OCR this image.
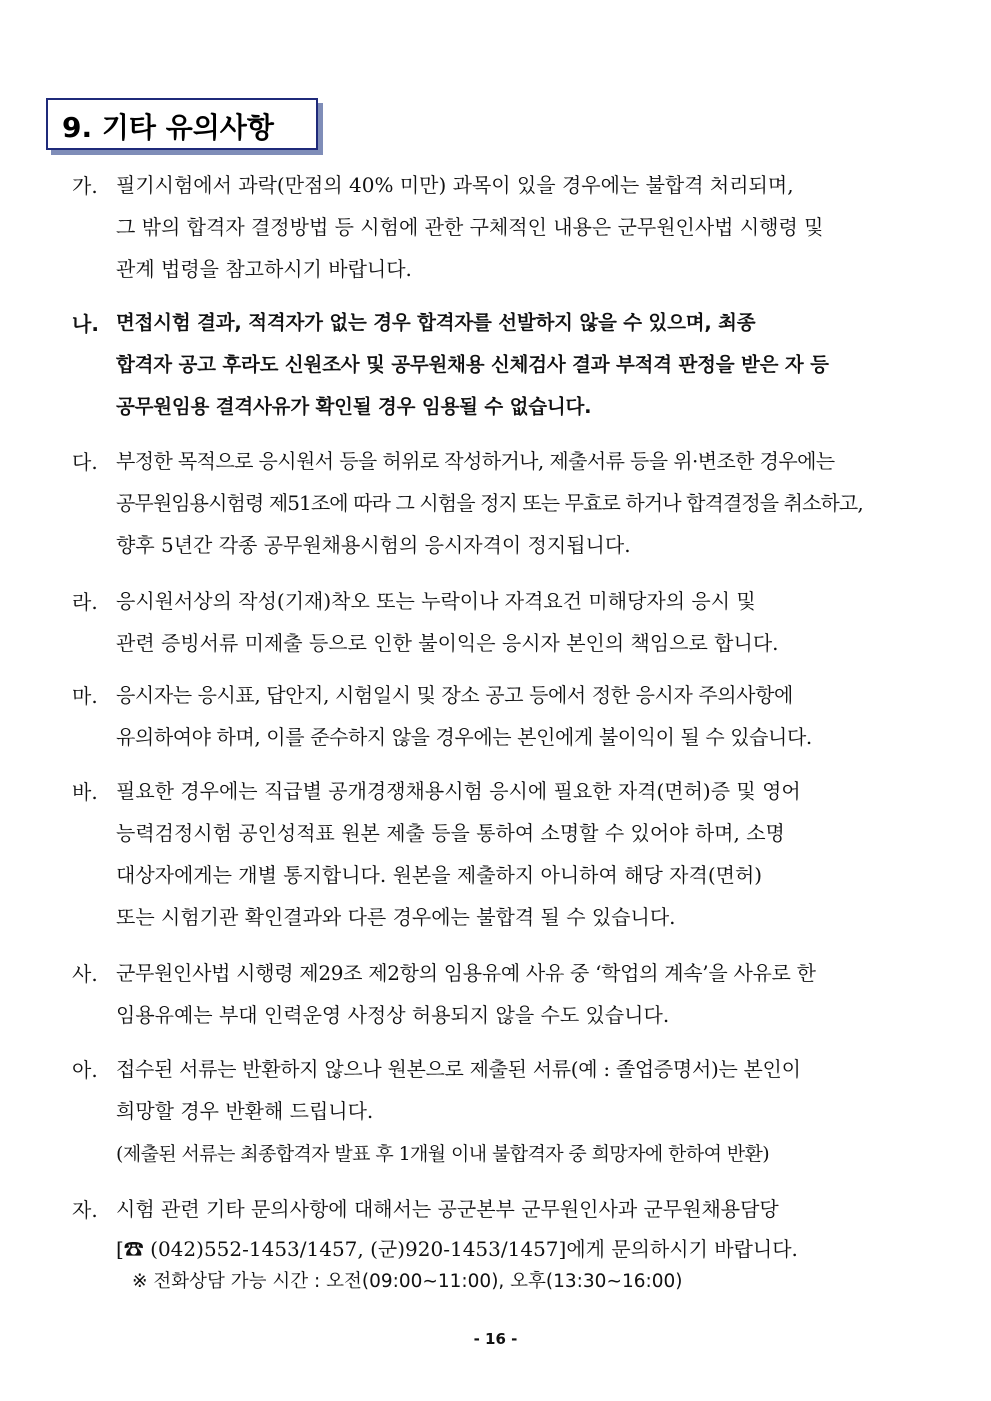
9. 기타 유의사항
가. 필기시험에서 과락(만점의 40% 미만) 과목이 있을 경우에는 불합격 처리되며,
그 밖의 합격자 결정방법 등 시험에 관한 구체적인 내용은 군무원인사법 시행령 및
관계 법령을 참고하시기 바랍니다.
나. 면접시험 결과, 적격자가 없는 경우 합격자를 선발하지 않을 수 있으며, 최종
합격자 공고 후라도 신원조사 및 공무원채용 신체검사 결과 부적격 판정을 받은 자 등
공무원임용 결격사유가 확인될 경우 임용될 수 없습니다.
다. 부정한 목적으로 응시원서 등을 허위로 작성하거나, 제출서류 등을 위·변조한 경우에는
공무원임용시험령 제51조에 따라 그 시험을 정지 또는 무효로 하거나 합격결정을 취소하고,
향후 5년간 각종 공무원채용시험의 응시자격이 정지됩니다.
라. 응시원서상의 작성(기재)착오 또는 누락이나 자격요건 미해당자의 응시 및
관련 증빙서류 미제출 등으로 인한 불이익은 응시자 본인의 책임으로 합니다.
마. 응시자는 응시표, 답안지, 시험일시 및 장소 공고 등에서 정한 응시자 주의사항에
유의하여야 하며, 이를 준수하지 않을 경우에는 본인에게 불이익이 될 수 있습니다.
바. 필요한 경우에는 직급별 공개경쟁채용시험 응시에 필요한 자격(면허)증 및 영어
능력검정시험 공인성적표 원본 제출 등을 통하여 소명할 수 있어야 하며, 소명
대상자에게는 개별 통지합니다. 원본을 제출하지 아니하여 해당 자격(면허)
또는 시험기관 확인결과와 다른 경우에는 불합격 될 수 있습니다.
사. 군무원인사법 시행령 제29조 제2항의 임용유예 사유 중 ‘학업의 계속’을 사유로 한
임용유예는 부대 인력운영 사정상 허용되지 않을 수도 있습니다.
아. 접수된 서류는 반환하지 않으나 원본으로 제출된 서류(예 : 졸업증명서)는 본인이
희망할 경우 반환해 드립니다.
(제출된 서류는 최종합격자 발표 후 1개월 이내 불합격자 중 희망자에 한하여 반환)
자. 시험 관련 기타 문의사항에 대해서는 공군본부 군무원인사과 군무원채용담당
[☎ (042)552-1453/1457, (군)920-1453/1457]에게 문의하시기 바랍니다.
※ 전화상담 가능 시간 : 오전(09:00∼11:00), 오후(13:30∼16:00)
- 16 -
